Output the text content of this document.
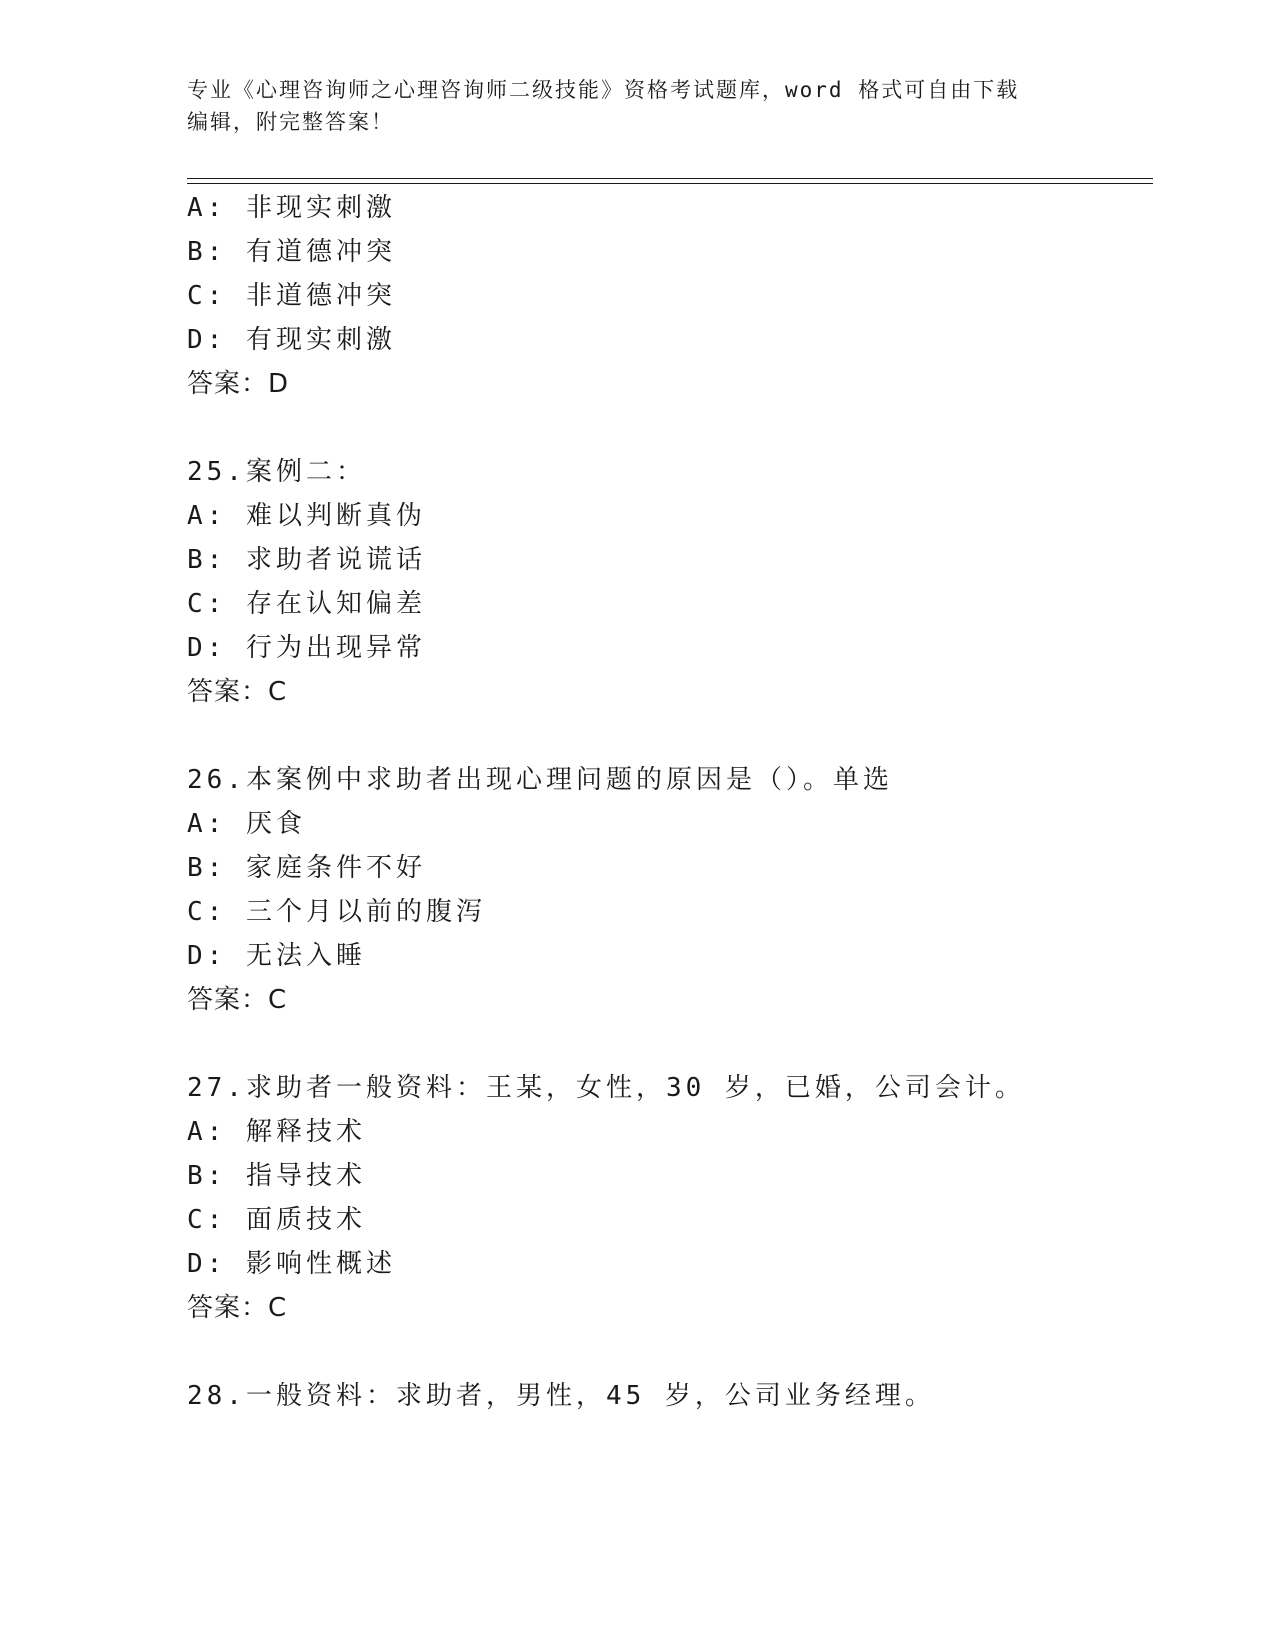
专业《心理咨询师之心理咨询师二级技能》资格考试题库，word 格式可自由下载
编辑，附完整答案！
A: 非现实刺激
B: 有道德冲突
C: 非道德冲突
D: 有现实刺激
答案：D
25.案例二：
A: 难以判断真伪
B: 求助者说谎话
C: 存在认知偏差
D: 行为出现异常
答案：C
26.本案例中求助者出现心理问题的原因是（）。单选
A: 厌食
B: 家庭条件不好
C: 三个月以前的腹泻
D: 无法入睡
答案：C
27.求助者一般资料：王某，女性，30 岁，已婚，公司会计。
A: 解释技术
B: 指导技术
C: 面质技术
D: 影响性概述
答案：C
28.一般资料：求助者，男性，45 岁，公司业务经理。
